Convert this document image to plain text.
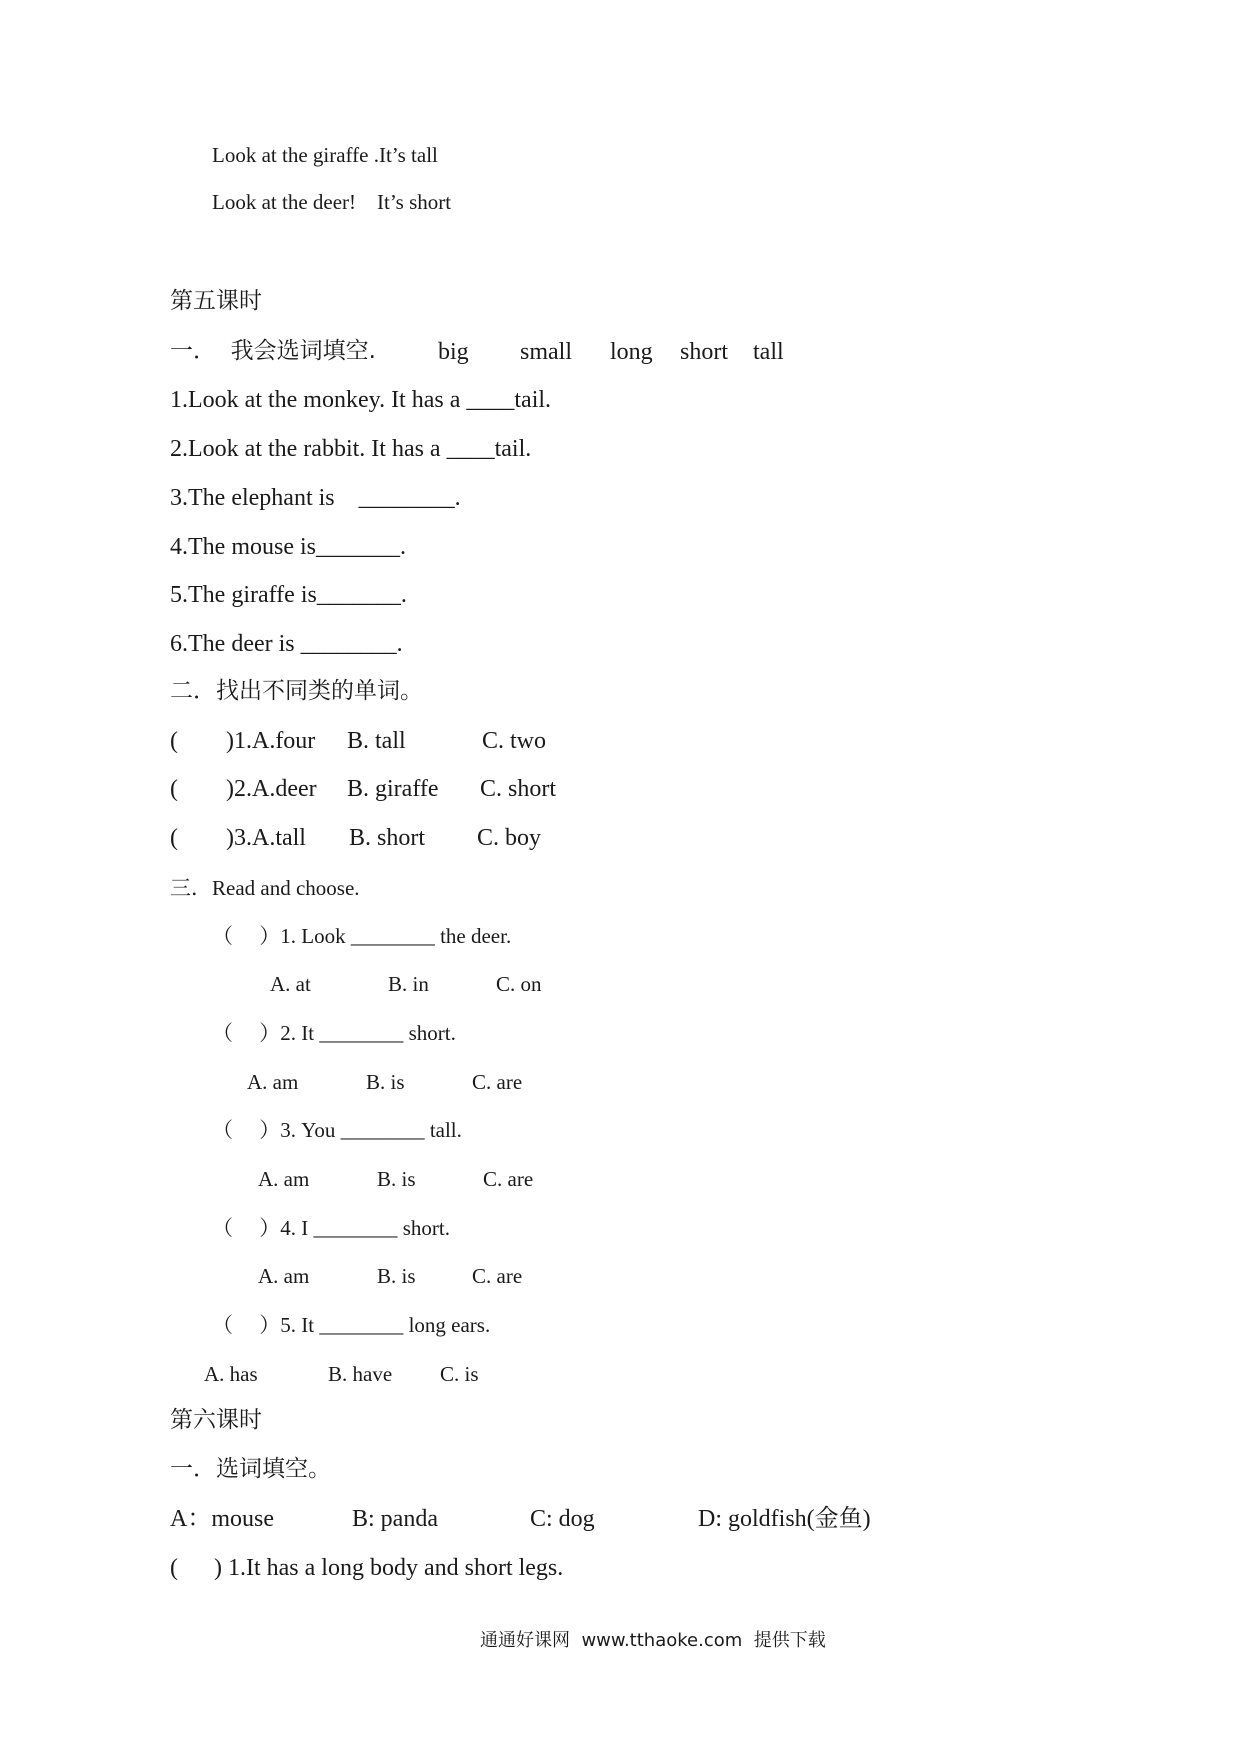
Look at the giraffe .It’s tall
Look at the deer!    It’s short
第五课时
一．  我会选词填空.	big small long short tall
1.Look at the monkey. It has a ____tail.
2.Look at the rabbit. It has a ____tail.
3.The elephant is    ________.
4.The mouse is_______.
5.The giraffe is_______.
6.The deer is ________.
二．找出不同类的单词。
(        )1.A.four B. tall	C. two
(        )2.A.deer B. giraffe C. short
(        )3.A.tall B. short C. boy
三．Read and choose.
（     ）1. Look ________ the deer.
A. at	B. in	C. on
（     ）2. It ________ short.
A. am	B. is	C. are
（     ）3. You ________ tall.
A. am	B. is	C. are
（     ）4. I ________ short.
A. am	B. is	C. are
（     ）5. It ________ long ears.
A. has	B. have C. is
第六课时
一．选词填空。
A：mouse	B: panda	C: dog	D: goldfish(金鱼)
(      ) 1.It has a long body and short legs.
通通好课网  www.tthaoke.com  提供下载
